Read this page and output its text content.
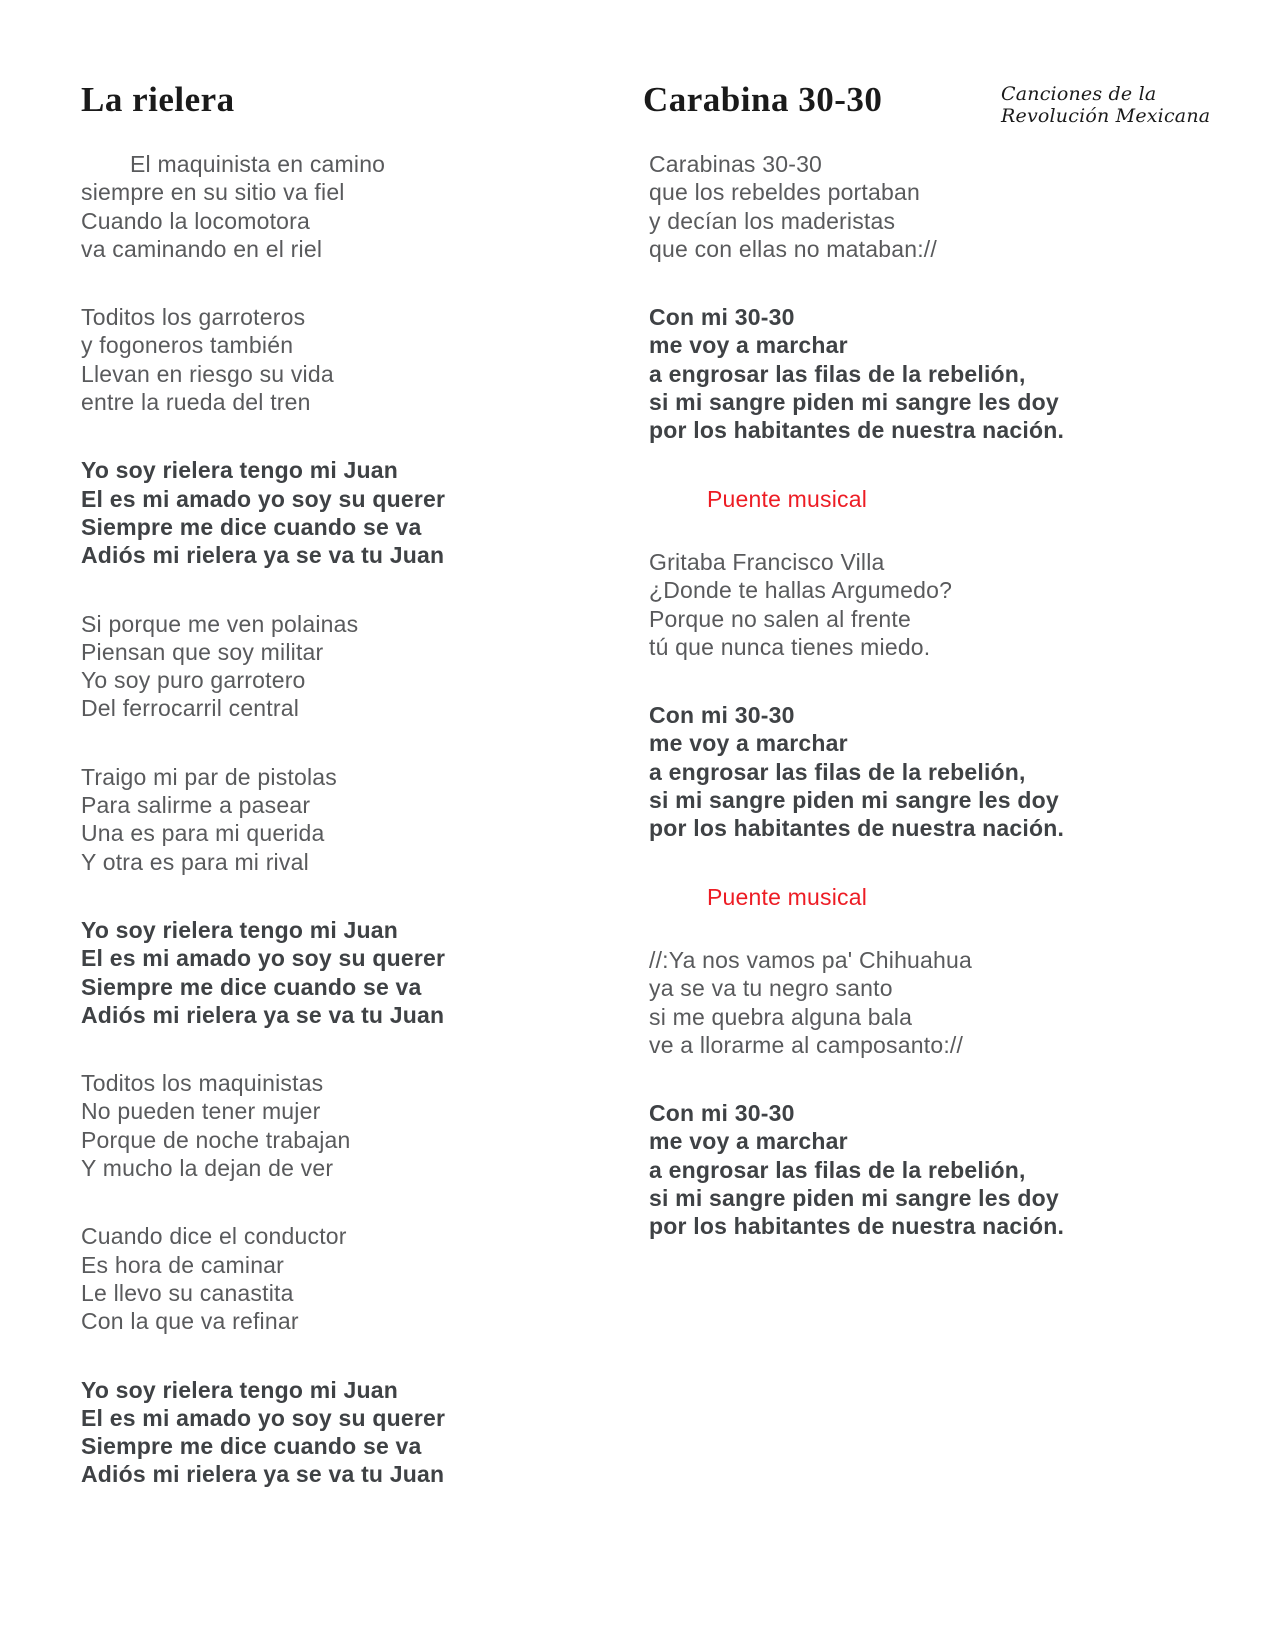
La rielera

El maquinista en camino
siempre en su sitio va fiel
Cuando la locomotora
va caminando en el riel

Toditos los garroteros
y fogoneros también
Llevan en riesgo su vida
entre la rueda del tren

Yo soy rielera tengo mi Juan
El es mi amado yo soy su querer
Siempre me dice cuando se va
Adiós mi rielera ya se va tu Juan

Si porque me ven polainas
Piensan que soy militar
Yo soy puro garrotero
Del ferrocarril central

Traigo mi par de pistolas
Para salirme a pasear
Una es para mi querida
Y otra es para mi rival

Yo soy rielera tengo mi Juan
El es mi amado yo soy su querer
Siempre me dice cuando se va
Adiós mi rielera ya se va tu Juan

Toditos los maquinistas
No pueden tener mujer
Porque de noche trabajan
Y mucho la dejan de ver

Cuando dice el conductor
Es hora de caminar
Le llevo su canastita
Con la que va refinar

Yo soy rielera tengo mi Juan
El es mi amado yo soy su querer
Siempre me dice cuando se va
Adiós mi rielera ya se va tu Juan

Carabina 30-30

Carabinas 30-30
que los rebeldes portaban
y decían los maderistas
que con ellas no mataban://

Con mi 30-30
me voy a marchar
a engrosar las filas de la rebelión,
si mi sangre piden mi sangre les doy
por los habitantes de nuestra nación.

Puente musical

Gritaba Francisco Villa
¿Donde te hallas Argumedo?
Porque no salen al frente
tú que nunca tienes miedo.

Con mi 30-30
me voy a marchar
a engrosar las filas de la rebelión,
si mi sangre piden mi sangre les doy
por los habitantes de nuestra nación.

Puente musical

//:Ya nos vamos pa' Chihuahua
ya se va tu negro santo
si me quebra alguna bala
ve a llorarme al camposanto://

Con mi 30-30
me voy a marchar
a engrosar las filas de la rebelión,
si mi sangre piden mi sangre les doy
por los habitantes de nuestra nación.

Canciones de la
Revolución Mexicana
